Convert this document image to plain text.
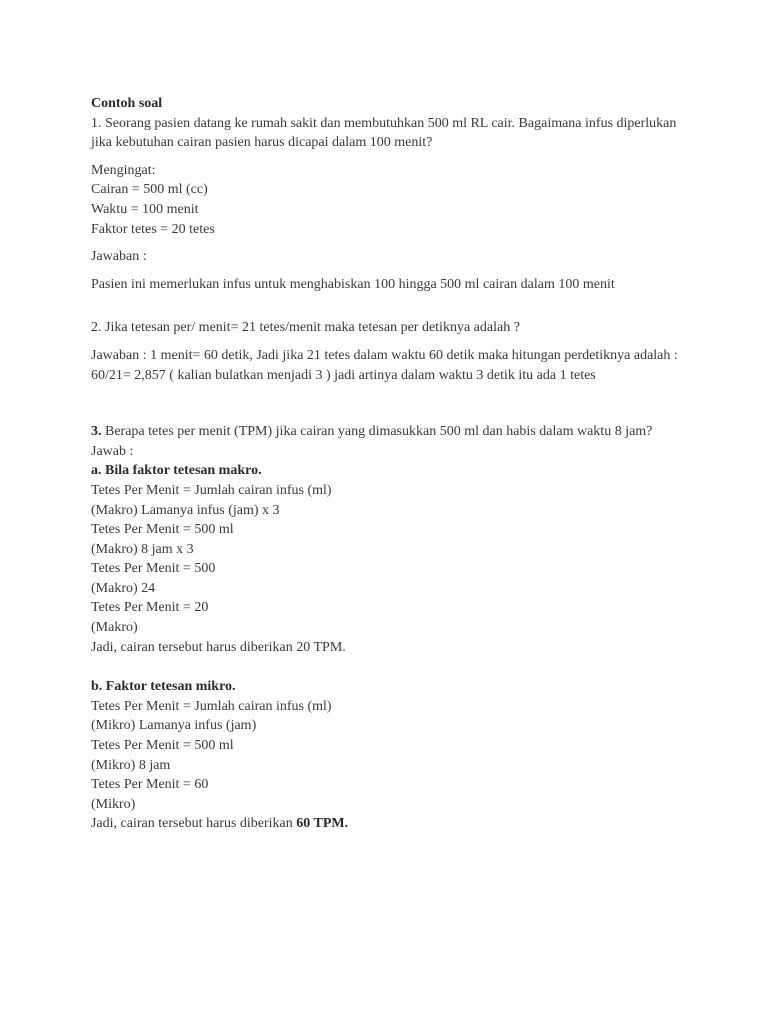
Contoh soal
1. Seorang pasien datang ke rumah sakit dan membutuhkan 500 ml RL cair. Bagaimana infus diperlukan jika kebutuhan cairan pasien harus dicapai dalam 100 menit?
Mengingat:
Cairan = 500 ml (cc)
Waktu = 100 menit
Faktor tetes = 20 tetes
Jawaban :
Pasien ini memerlukan infus untuk menghabiskan 100 hingga 500 ml cairan dalam 100 menit
2. Jika tetesan per/ menit= 21 tetes/menit maka tetesan per detiknya adalah ?
Jawaban : 1 menit= 60 detik, Jadi jika 21 tetes dalam waktu 60 detik maka hitungan perdetiknya adalah : 60/21= 2,857 ( kalian bulatkan menjadi 3 ) jadi artinya dalam waktu 3 detik itu ada 1 tetes
3. Berapa tetes per menit (TPM) jika cairan yang dimasukkan 500 ml dan habis dalam waktu 8 jam?
Jawab :
a. Bila faktor tetesan makro.
Tetes Per Menit = Jumlah cairan infus (ml)
(Makro) Lamanya infus (jam) x 3
Tetes Per Menit = 500 ml
(Makro) 8 jam x 3
Tetes Per Menit = 500
(Makro) 24
Tetes Per Menit = 20
(Makro)
Jadi, cairan tersebut harus diberikan 20 TPM.
b. Faktor tetesan mikro.
Tetes Per Menit = Jumlah cairan infus (ml)
(Mikro) Lamanya infus (jam)
Tetes Per Menit = 500 ml
(Mikro) 8 jam
Tetes Per Menit = 60
(Mikro)
Jadi, cairan tersebut harus diberikan 60 TPM.
